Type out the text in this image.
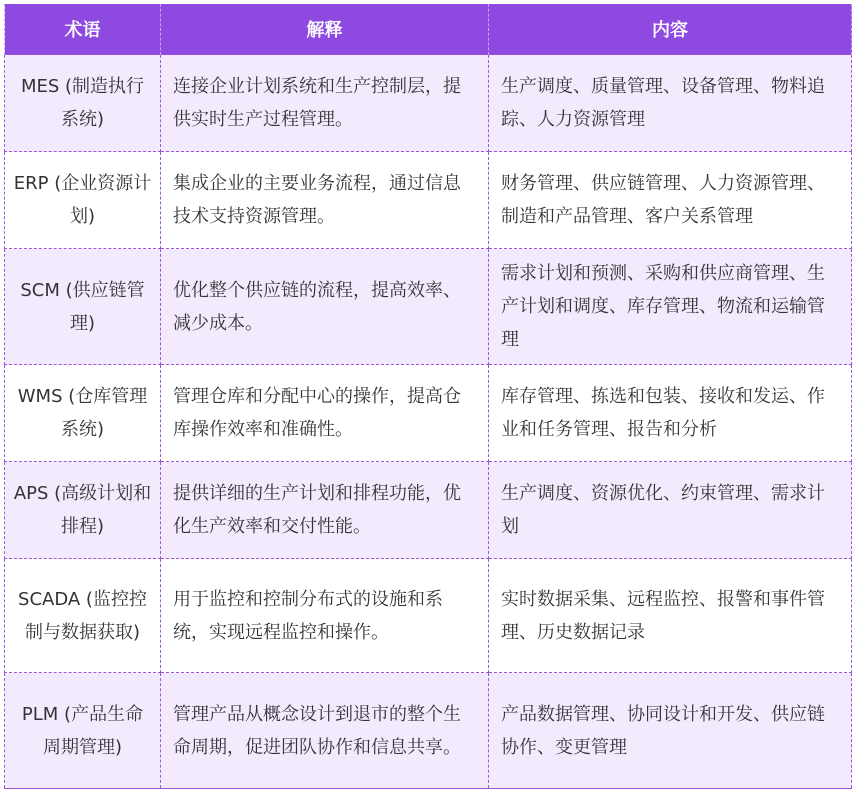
术语	解释	内容
MES (制造执行系统)	连接企业计划系统和生产控制层，提供实时生产过程管理。	生产调度、质量管理、设备管理、物料追踪、人力资源管理
ERP (企业资源计划)	集成企业的主要业务流程，通过信息技术支持资源管理。	财务管理、供应链管理、人力资源管理、制造和产品管理、客户关系管理
SCM (供应链管理)	优化整个供应链的流程，提高效率、减少成本。	需求计划和预测、采购和供应商管理、生产计划和调度、库存管理、物流和运输管理
WMS (仓库管理系统)	管理仓库和分配中心的操作，提高仓库操作效率和准确性。	库存管理、拣选和包装、接收和发运、作业和任务管理、报告和分析
APS (高级计划和排程)	提供详细的生产计划和排程功能，优化生产效率和交付性能。	生产调度、资源优化、约束管理、需求计划
SCADA (监控控制与数据获取)	用于监控和控制分布式的设施和系统，实现远程监控和操作。	实时数据采集、远程监控、报警和事件管理、历史数据记录
PLM (产品生命周期管理)	管理产品从概念设计到退市的整个生命周期，促进团队协作和信息共享。	产品数据管理、协同设计和开发、供应链协作、变更管理
